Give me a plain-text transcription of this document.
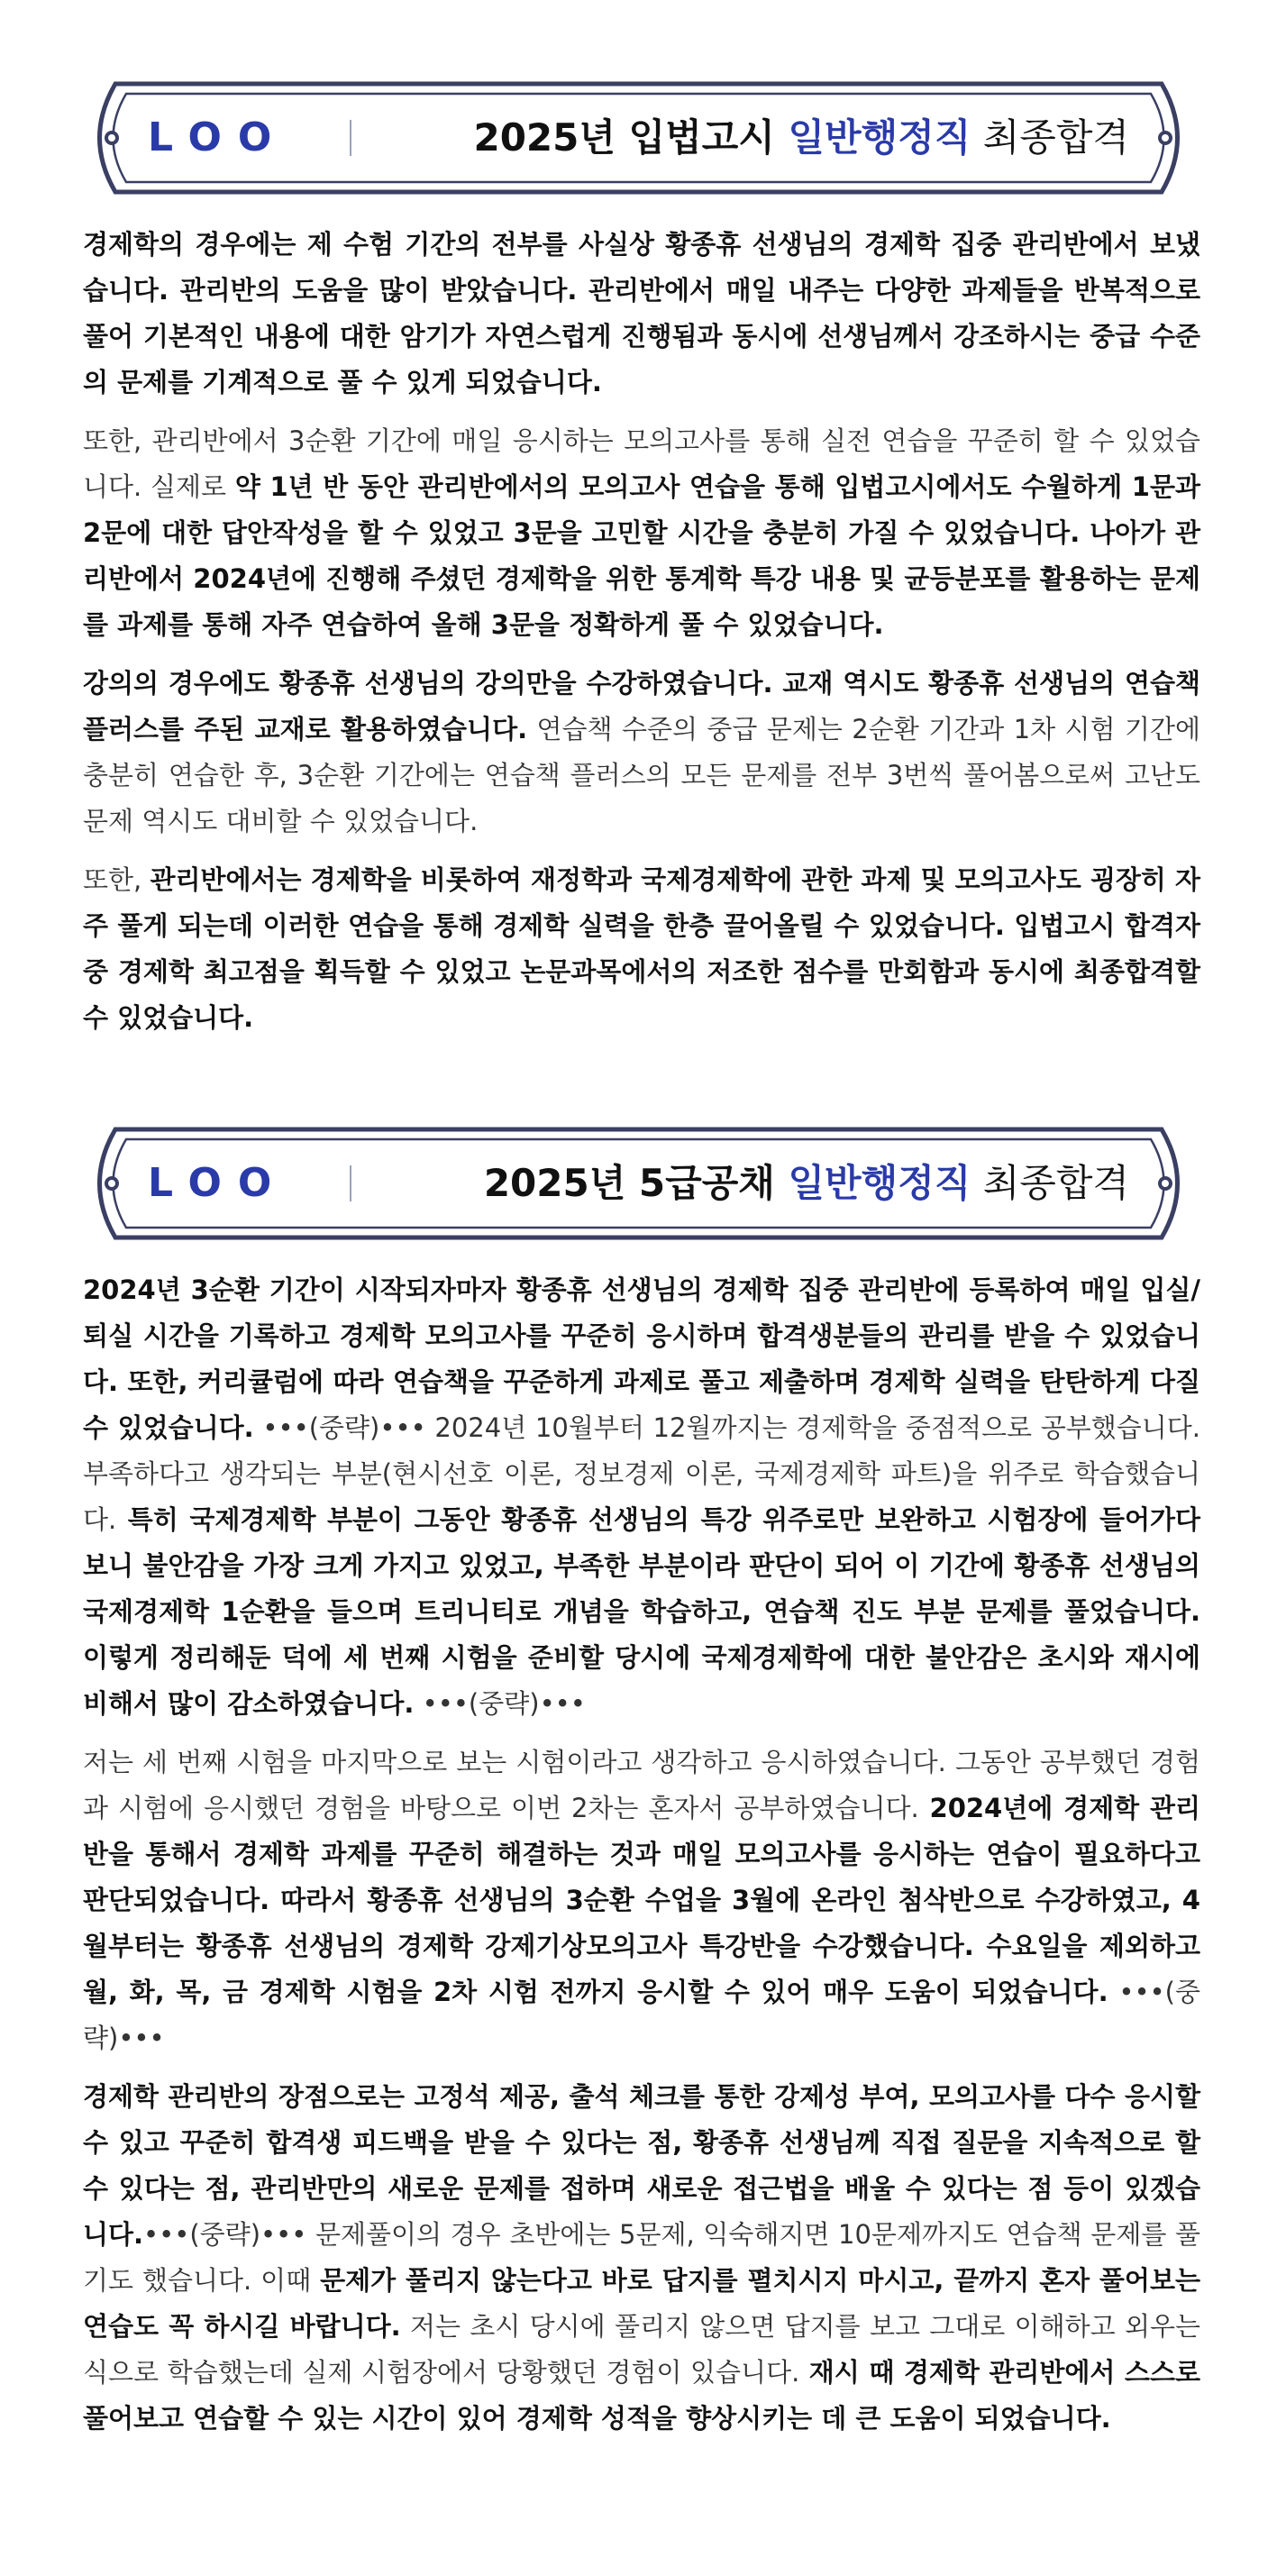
LOO	2025년 입법고시 일반행정직 최종합격

경제학의 경우에는 제 수험 기간의 전부를 사실상 황종휴 선생님의 경제학 집중 관리반에서 보냈습니다. 관리반의 도움을 많이 받았습니다. 관리반에서 매일 내주는 다양한 과제들을 반복적으로 풀어 기본적인 내용에 대한 암기가 자연스럽게 진행됨과 동시에 선생님께서 강조하시는 중급 수준의 문제를 기계적으로 풀 수 있게 되었습니다.

또한, 관리반에서 3순환 기간에 매일 응시하는 모의고사를 통해 실전 연습을 꾸준히 할 수 있었습니다. 실제로 약 1년 반 동안 관리반에서의 모의고사 연습을 통해 입법고시에서도 수월하게 1문과 2문에 대한 답안작성을 할 수 있었고 3문을 고민할 시간을 충분히 가질 수 있었습니다. 나아가 관리반에서 2024년에 진행해 주셨던 경제학을 위한 통계학 특강 내용 및 균등분포를 활용하는 문제를 과제를 통해 자주 연습하여 올해 3문을 정확하게 풀 수 있었습니다.

강의의 경우에도 황종휴 선생님의 강의만을 수강하였습니다. 교재 역시도 황종휴 선생님의 연습책 플러스를 주된 교재로 활용하였습니다. 연습책 수준의 중급 문제는 2순환 기간과 1차 시험 기간에 충분히 연습한 후, 3순환 기간에는 연습책 플러스의 모든 문제를 전부 3번씩 풀어봄으로써 고난도 문제 역시도 대비할 수 있었습니다.

또한, 관리반에서는 경제학을 비롯하여 재정학과 국제경제학에 관한 과제 및 모의고사도 굉장히 자주 풀게 되는데 이러한 연습을 통해 경제학 실력을 한층 끌어올릴 수 있었습니다. 입법고시 합격자 중 경제학 최고점을 획득할 수 있었고 논문과목에서의 저조한 점수를 만회함과 동시에 최종합격할 수 있었습니다.

LOO	2025년 5급공채 일반행정직 최종합격

2024년 3순환 기간이 시작되자마자 황종휴 선생님의 경제학 집중 관리반에 등록하여 매일 입실/퇴실 시간을 기록하고 경제학 모의고사를 꾸준히 응시하며 합격생분들의 관리를 받을 수 있었습니다. 또한, 커리큘럼에 따라 연습책을 꾸준하게 과제로 풀고 제출하며 경제학 실력을 탄탄하게 다질 수 있었습니다. •••(중략)••• 2024년 10월부터 12월까지는 경제학을 중점적으로 공부했습니다. 부족하다고 생각되는 부분(현시선호 이론, 정보경제 이론, 국제경제학 파트)을 위주로 학습했습니다. 특히 국제경제학 부분이 그동안 황종휴 선생님의 특강 위주로만 보완하고 시험장에 들어가다 보니 불안감을 가장 크게 가지고 있었고, 부족한 부분이라 판단이 되어 이 기간에 황종휴 선생님의 국제경제학 1순환을 들으며 트리니티로 개념을 학습하고, 연습책 진도 부분 문제를 풀었습니다. 이렇게 정리해둔 덕에 세 번째 시험을 준비할 당시에 국제경제학에 대한 불안감은 초시와 재시에 비해서 많이 감소하였습니다. •••(중략)•••

저는 세 번째 시험을 마지막으로 보는 시험이라고 생각하고 응시하였습니다. 그동안 공부했던 경험과 시험에 응시했던 경험을 바탕으로 이번 2차는 혼자서 공부하였습니다. 2024년에 경제학 관리반을 통해서 경제학 과제를 꾸준히 해결하는 것과 매일 모의고사를 응시하는 연습이 필요하다고 판단되었습니다. 따라서 황종휴 선생님의 3순환 수업을 3월에 온라인 첨삭반으로 수강하였고, 4월부터는 황종휴 선생님의 경제학 강제기상모의고사 특강반을 수강했습니다. 수요일을 제외하고 월, 화, 목, 금 경제학 시험을 2차 시험 전까지 응시할 수 있어 매우 도움이 되었습니다. •••(중략)•••

경제학 관리반의 장점으로는 고정석 제공, 출석 체크를 통한 강제성 부여, 모의고사를 다수 응시할 수 있고 꾸준히 합격생 피드백을 받을 수 있다는 점, 황종휴 선생님께 직접 질문을 지속적으로 할 수 있다는 점, 관리반만의 새로운 문제를 접하며 새로운 접근법을 배울 수 있다는 점 등이 있겠습니다.•••(중략)••• 문제풀이의 경우 초반에는 5문제, 익숙해지면 10문제까지도 연습책 문제를 풀기도 했습니다. 이때 문제가 풀리지 않는다고 바로 답지를 펼치시지 마시고, 끝까지 혼자 풀어보는 연습도 꼭 하시길 바랍니다. 저는 초시 당시에 풀리지 않으면 답지를 보고 그대로 이해하고 외우는 식으로 학습했는데 실제 시험장에서 당황했던 경험이 있습니다. 재시 때 경제학 관리반에서 스스로 풀어보고 연습할 수 있는 시간이 있어 경제학 성적을 향상시키는 데 큰 도움이 되었습니다.
